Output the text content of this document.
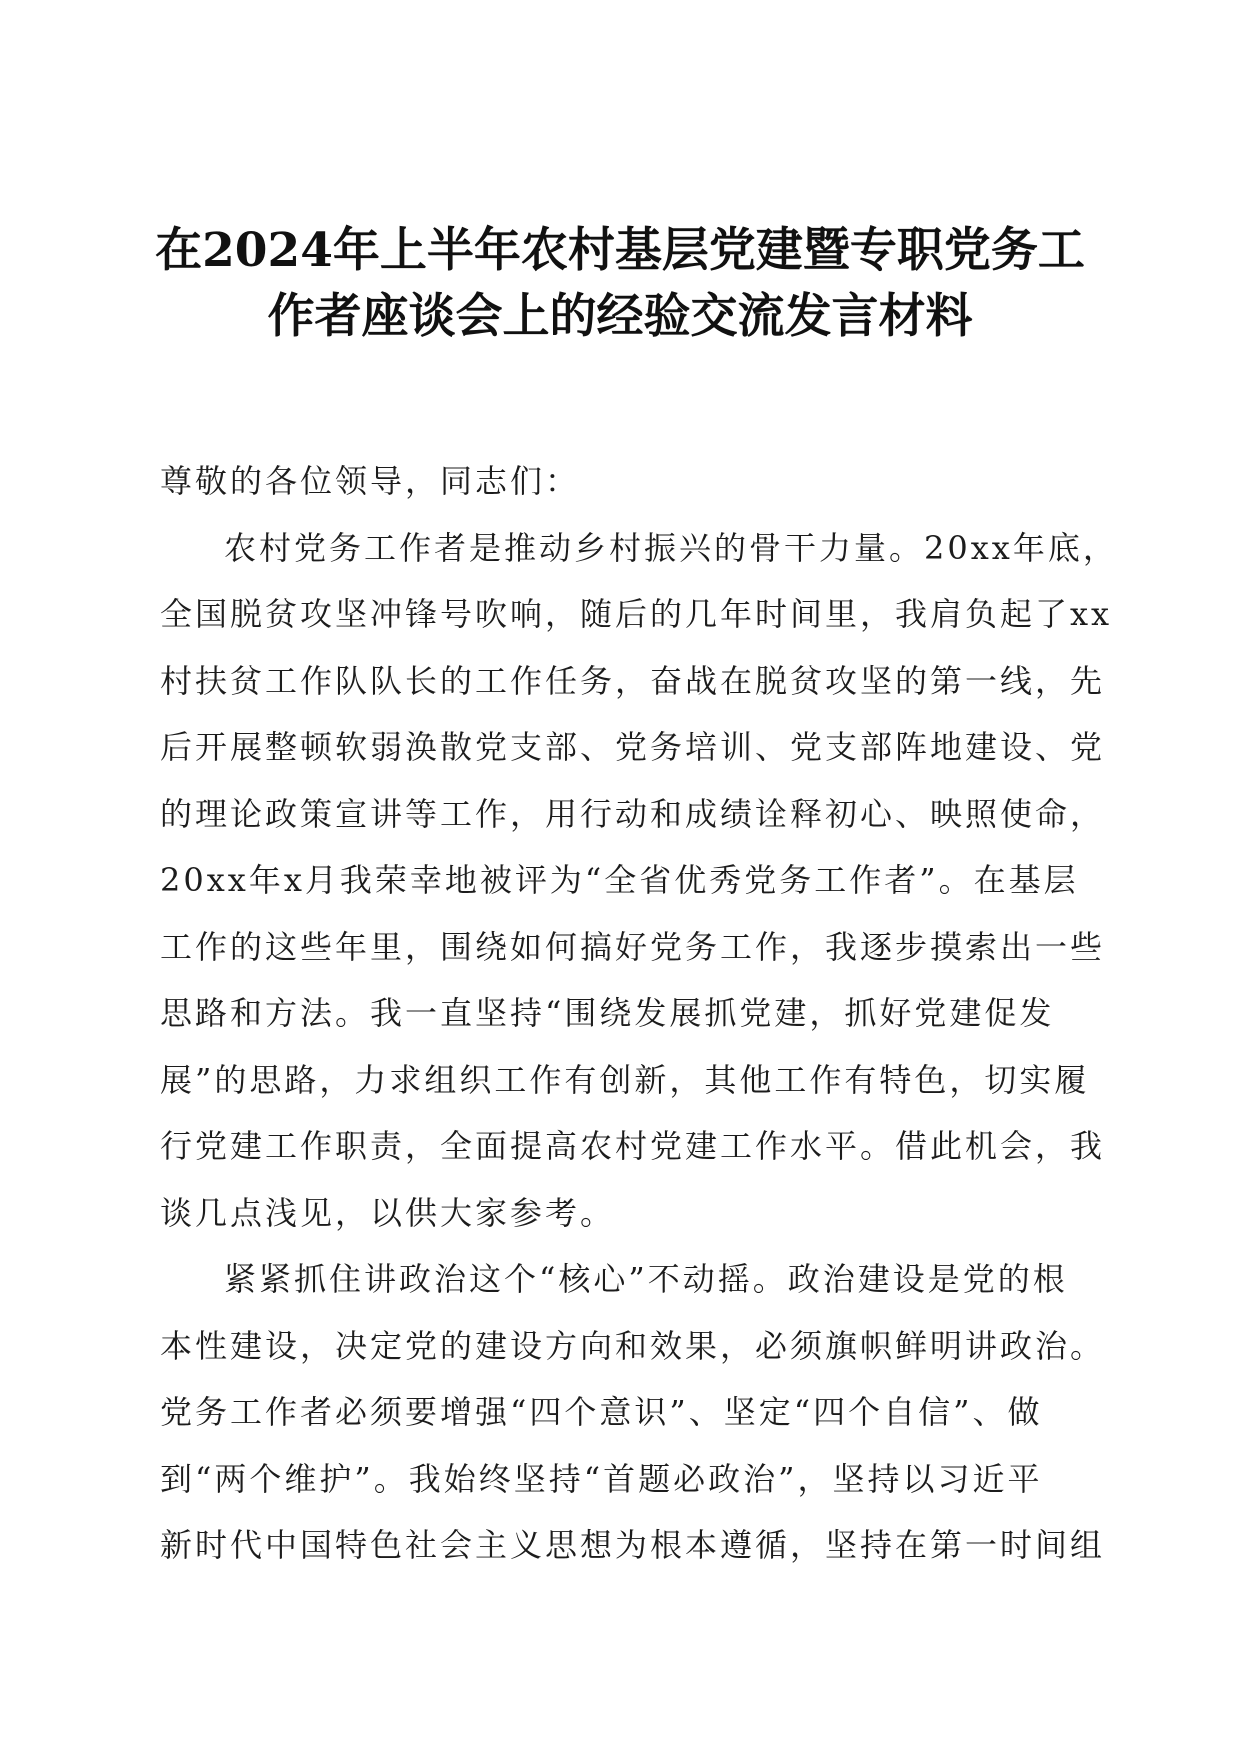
在2024年上半年农村基层党建暨专职党务工
作者座谈会上的经验交流发言材料
尊敬的各位领导，同志们：
农村党务工作者是推动乡村振兴的骨干力量。20xx年底，
全国脱贫攻坚冲锋号吹响，随后的几年时间里，我肩负起了xx
村扶贫工作队队长的工作任务，奋战在脱贫攻坚的第一线，先
后开展整顿软弱涣散党支部、党务培训、党支部阵地建设、党
的理论政策宣讲等工作，用行动和成绩诠释初心、映照使命，
20xx年x月我荣幸地被评为“全省优秀党务工作者”。在基层
工作的这些年里，围绕如何搞好党务工作，我逐步摸索出一些
思路和方法。我一直坚持“围绕发展抓党建，抓好党建促发
展”的思路，力求组织工作有创新，其他工作有特色，切实履
行党建工作职责，全面提高农村党建工作水平。借此机会，我
谈几点浅见，以供大家参考。
紧紧抓住讲政治这个“核心”不动摇。政治建设是党的根
本性建设，决定党的建设方向和效果，必须旗帜鲜明讲政治。
党务工作者必须要增强“四个意识”、坚定“四个自信”、做
到“两个维护”。我始终坚持“首题必政治”，坚持以习近平
新时代中国特色社会主义思想为根本遵循，坚持在第一时间组
